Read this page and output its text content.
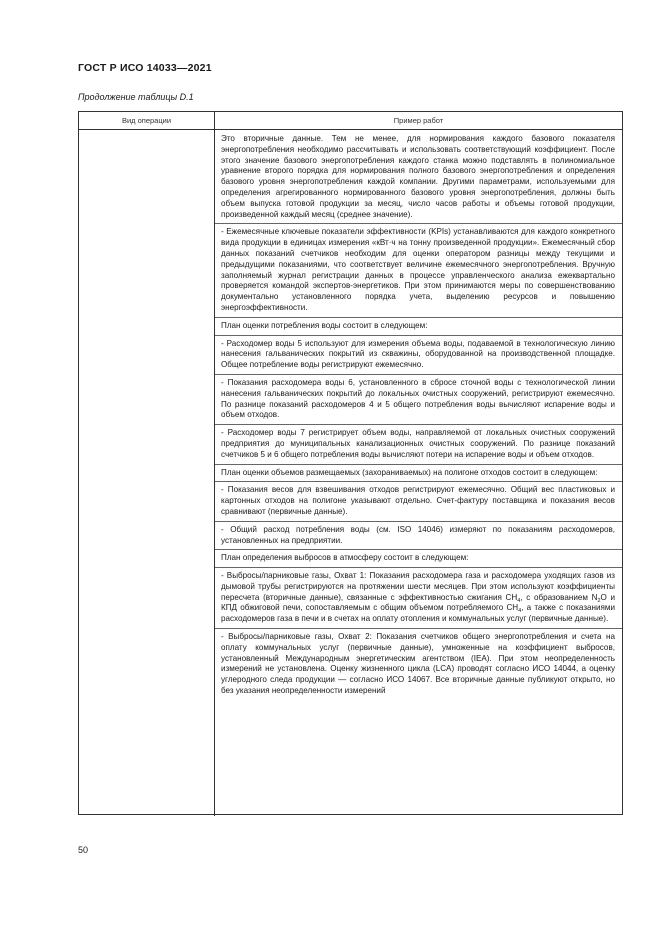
ГОСТ Р ИСО 14033—2021
Продолжение таблицы D.1
Вид операции	Пример работ

Это вторичные данные. Тем не менее, для нормирования каждого базового показателя энергопотребления необходимо рассчитывать и использовать соответствующий коэффициент. После этого значение базового энергопотребления каждого станка можно подставлять в полиномиальное уравнение второго порядка для нормирования полного базового энергопотребления и определения базового уровня энергопотребления каждой компании. Другими параметрами, используемыми для определения агрегированного нормированного базового уровня энергопотребления, должны быть объем выпуска готовой продукции за месяц, число часов работы и объемы готовой продукции, произведенной каждый месяц (среднее значение).

- Ежемесячные ключевые показатели эффективности (KPIs) устанавливаются для каждого конкретного вида продукции в единицах измерения «кВт·ч на тонну произведенной продукции». Ежемесячный сбор данных показаний счетчиков необходим для оценки оператором разницы между текущими и предыдущими показаниями, что соответствует величине ежемесячного энергопотребления. Вручную заполняемый журнал регистрации данных в процессе управленческого анализа ежеквартально проверяется командой экспертов-энергетиков. При этом принимаются меры по совершенствованию документально установленного порядка учета, выделению ресурсов и повышению энергоэффективности.

План оценки потребления воды состоит в следующем:

- Расходомер воды 5 используют для измерения объема воды, подаваемой в технологическую линию нанесения гальванических покрытий из скважины, оборудованной на производственной площадке. Общее потребление воды регистрируют ежемесячно.

- Показания расходомера воды 6, установленного в сбросе сточной воды с технологической линии нанесения гальванических покрытий до локальных очистных сооружений, регистрируют ежемесячно. По разнице показаний расходомеров 4 и 5 общего потребления воды вычисляют испарение воды и объем отходов.

- Расходомер воды 7 регистрирует объем воды, направляемой от локальных очистных сооружений предприятия до муниципальных канализационных очистных сооружений. По разнице показаний счетчиков 5 и 6 общего потребления воды вычисляют потери на испарение воды и объем отходов.

План оценки объемов размещаемых (захораниваемых) на полигоне отходов состоит в следующем:

- Показания весов для взвешивания отходов регистрируют ежемесячно. Общий вес пластиковых и картонных отходов на полигоне указывают отдельно. Счет-фактуру поставщика и показания весов сравнивают (первичные данные).

- Общий расход потребления воды (см. ISO 14046) измеряют по показаниям расходомеров, установленных на предприятии.

План определения выбросов в атмосферу состоит в следующем:

- Выбросы/парниковые газы, Охват 1: Показания расходомера газа и расходомера уходящих газов из дымовой трубы регистрируются на протяжении шести месяцев. При этом используют коэффициенты пересчета (вторичные данные), связанные с эффективностью сжигания $CH_4$, с образованием $N_2O$ и КПД обжиговой печи, сопоставляемым с общим объемом потребляемого $CH_4$, а также с показаниями расходомеров газа в печи и в счетах на оплату отопления и коммунальных услуг (первичные данные).

- Выбросы/парниковые газы, Охват 2: Показания счетчиков общего энергопотребления и счета на оплату коммунальных услуг (первичные данные), умноженные на коэффициент выбросов, установленный Международным энергетическим агентством (IEA). При этом неопределенность измерений не установлена. Оценку жизненного цикла (LCA) проводят согласно ИСО 14044, а оценку углеродного следа продукции — согласно ИСО 14067. Все вторичные данные публикуют открыто, но без указания неопределенности измерений

50
